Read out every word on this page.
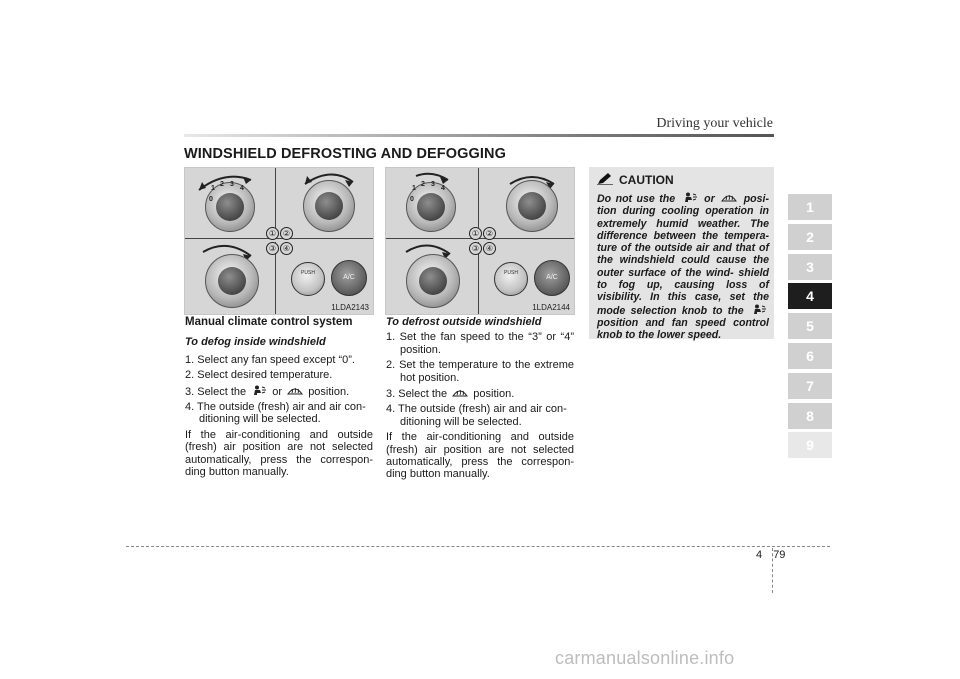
Driving your vehicle
WINDSHIELD DEFROSTING AND DEFOGGING
0
1
2 3
4
① ②
③ ④
PUSH
A/C
1LDA2143
0
1
2 3
4
① ②
③ ④
PUSH
A/C
1LDA2144

Manual climate control system

To defog inside windshield

1. Select any fan speed except “0”.

2. Select desired temperature.

3. Select the or position.

4. The outside (fresh) air and air con- ditioning will be selected.

If the air-conditioning and outside (fresh) air position are not selected automatically, press the correspon- ding button manually.

To defrost outside windshield

1. Set the fan speed to the “3” or “4” position.

2. Set the temperature to the extreme hot position.

3. Select the position.

4. The outside (fresh) air and air con- ditioning will be selected.

If the air-conditioning and outside (fresh) air position are not selected automatically, press the correspon- ding button manually.

CAUTION
Do not use the	or	posi- tion during cooling operation in extremely humid weather. The difference between the tempera- ture of the outside air and that of the windshield could cause the outer surface of the wind- shield to fog up, causing loss of visibility. In this case, set the mode selection knob to the  position and fan speed control knob to the lower speed.
1
2
3
4
5
6
7
8
9
4 79
carmanualsonline.info
